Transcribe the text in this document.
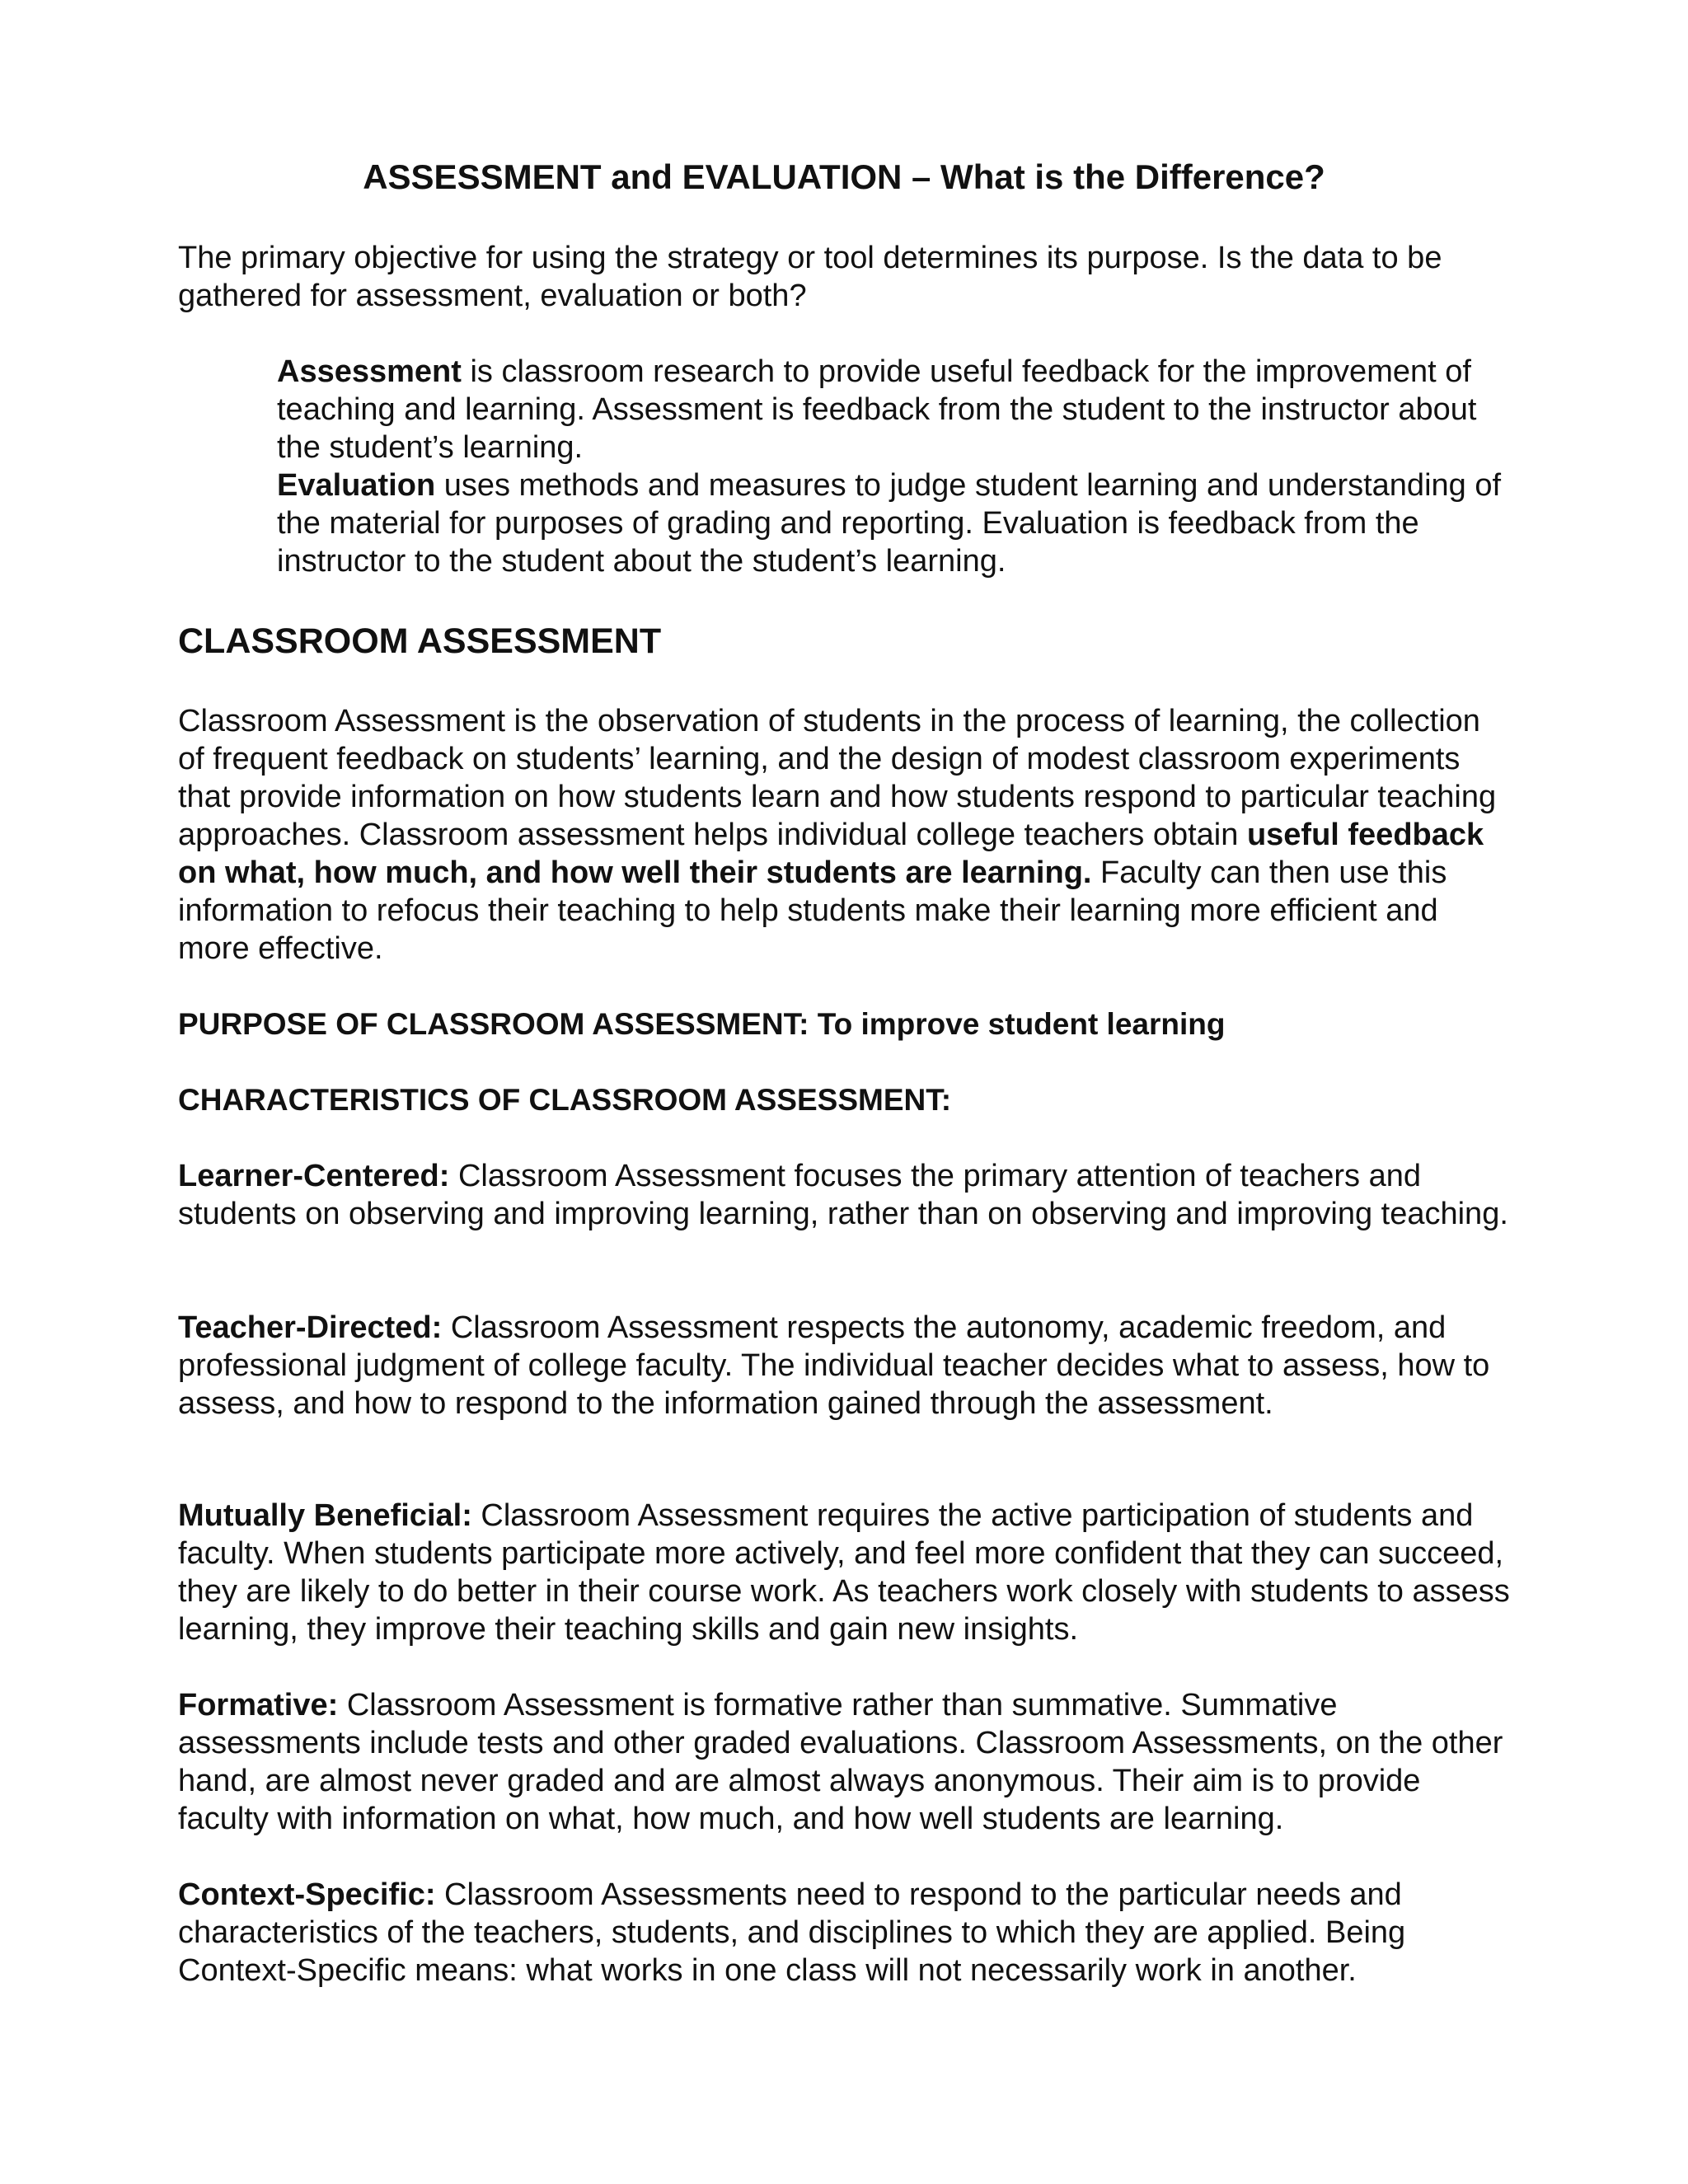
ASSESSMENT and EVALUATION – What is the Difference?

The primary objective for using the strategy or tool determines its purpose. Is the data to be gathered for assessment, evaluation or both?

Assessment is classroom research to provide useful feedback for the improvement of teaching and learning. Assessment is feedback from the student to the instructor about the student’s learning.

Evaluation uses methods and measures to judge student learning and understanding of the material for purposes of grading and reporting. Evaluation is feedback from the instructor to the student about the student’s learning.

CLASSROOM ASSESSMENT

Classroom Assessment is the observation of students in the process of learning, the collection of frequent feedback on students’ learning, and the design of modest classroom experiments that provide information on how students learn and how students respond to particular teaching approaches. Classroom assessment helps individual college teachers obtain useful feedback on what, how much, and how well their students are learning. Faculty can then use this information to refocus their teaching to help students make their learning more efficient and more effective.

PURPOSE OF CLASSROOM ASSESSMENT: To improve student learning

CHARACTERISTICS OF CLASSROOM ASSESSMENT:

Learner-Centered: Classroom Assessment focuses the primary attention of teachers and students on observing and improving learning, rather than on observing and improving teaching.

Teacher-Directed: Classroom Assessment respects the autonomy, academic freedom, and professional judgment of college faculty. The individual teacher decides what to assess, how to assess, and how to respond to the information gained through the assessment.

Mutually Beneficial: Classroom Assessment requires the active participation of students and faculty. When students participate more actively, and feel more confident that they can succeed, they are likely to do better in their course work. As teachers work closely with students to assess learning, they improve their teaching skills and gain new insights.

Formative: Classroom Assessment is formative rather than summative. Summative assessments include tests and other graded evaluations. Classroom Assessments, on the other hand, are almost never graded and are almost always anonymous. Their aim is to provide faculty with information on what, how much, and how well students are learning.

Context-Specific: Classroom Assessments need to respond to the particular needs and characteristics of the teachers, students, and disciplines to which they are applied. Being Context-Specific means: what works in one class will not necessarily work in another.
